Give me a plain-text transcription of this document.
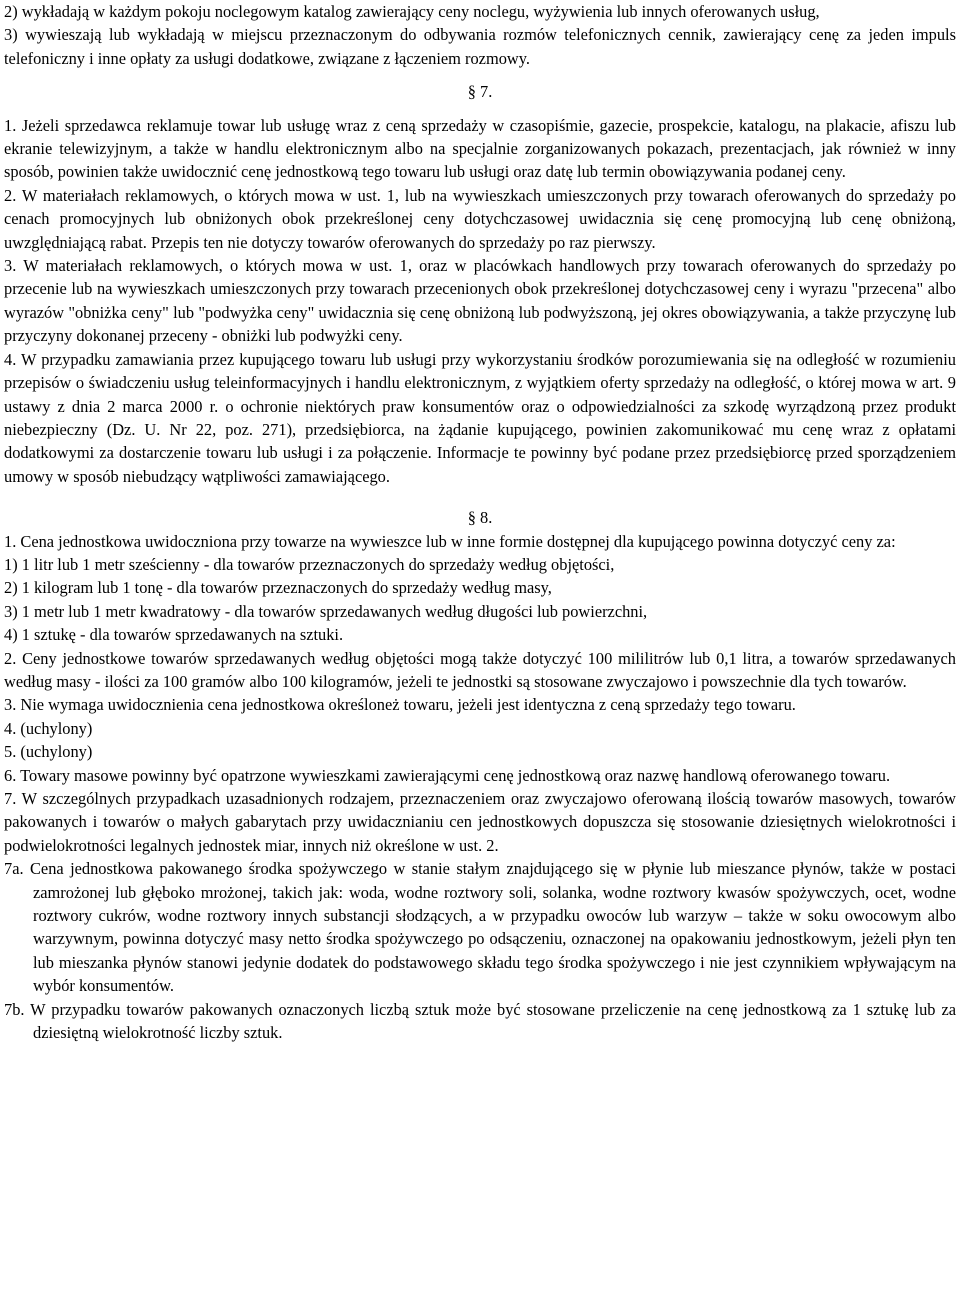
2) wykładają w każdym pokoju noclegowym katalog zawierający ceny noclegu, wyżywienia lub innych oferowanych usług,

3) wywieszają lub wykładają w miejscu przeznaczonym do odbywania rozmów telefonicznych cennik, zawierający cenę za jeden impuls telefoniczny i inne opłaty za usługi dodatkowe, związane z łączeniem rozmowy.

§ 7.

1. Jeżeli sprzedawca reklamuje towar lub usługę wraz z ceną sprzedaży w czasopiśmie, gazecie, prospekcie, katalogu, na plakacie, afiszu lub ekranie telewizyjnym, a także w handlu elektronicznym albo na specjalnie zorganizowanych pokazach, prezentacjach, jak również w inny sposób, powinien także uwidocznić cenę jednostkową tego towaru lub usługi oraz datę lub termin obowiązywania podanej ceny.

2. W materiałach reklamowych, o których mowa w ust. 1, lub na wywieszkach umieszczonych przy towarach oferowanych do sprzedaży po cenach promocyjnych lub obniżonych obok przekreślonej ceny dotychczasowej uwidacznia się cenę promocyjną lub cenę obniżoną, uwzględniającą rabat. Przepis ten nie dotyczy towarów oferowanych do sprzedaży po raz pierwszy.

3. W materiałach reklamowych, o których mowa w ust. 1, oraz w placówkach handlowych przy towarach oferowanych do sprzedaży po przecenie lub na wywieszkach umieszczonych przy towarach przecenionych obok przekreślonej dotychczasowej ceny i wyrazu "przecena" albo wyrazów "obniżka ceny" lub "podwyżka ceny" uwidacznia się cenę obniżoną lub podwyższoną, jej okres obowiązywania, a także przyczynę lub przyczyny dokonanej przeceny - obniżki lub podwyżki ceny.

4. W przypadku zamawiania przez kupującego towaru lub usługi przy wykorzystaniu środków porozumiewania się na odległość w rozumieniu przepisów o świadczeniu usług teleinformacyjnych i handlu elektronicznym, z wyjątkiem oferty sprzedaży na odległość, o której mowa w art. 9 ustawy z dnia 2 marca 2000 r. o ochronie niektórych praw konsumentów oraz o odpowiedzialności za szkodę wyrządzoną przez produkt niebezpieczny (Dz. U. Nr 22, poz. 271), przedsiębiorca, na żądanie kupującego, powinien zakomunikować mu cenę wraz z opłatami dodatkowymi za dostarczenie towaru lub usługi i za połączenie. Informacje te powinny być podane przez przedsiębiorcę przed sporządzeniem umowy w sposób niebudzący wątpliwości zamawiającego.

§ 8.

1. Cena jednostkowa uwidoczniona przy towarze na wywieszce lub w inne formie dostępnej dla kupującego powinna dotyczyć ceny za:

1) 1 litr lub 1 metr sześcienny - dla towarów przeznaczonych do sprzedaży według objętości,

2) 1 kilogram lub 1 tonę - dla towarów przeznaczonych do sprzedaży według masy,

3) 1 metr lub 1 metr kwadratowy - dla towarów sprzedawanych według długości lub powierzchni,

4) 1 sztukę - dla towarów sprzedawanych na sztuki.

2. Ceny jednostkowe towarów sprzedawanych według objętości mogą także dotyczyć 100 mililitrów lub 0,1 litra, a towarów sprzedawanych według masy - ilości za 100 gramów albo 100 kilogramów, jeżeli te jednostki są stosowane zwyczajowo i powszechnie dla tych towarów.

3. Nie wymaga uwidocznienia cena jednostkowa określoneż towaru, jeżeli jest identyczna z ceną sprzedaży tego towaru.

4. (uchylony)

5. (uchylony)

6. Towary masowe powinny być opatrzone wywieszkami zawierającymi cenę jednostkową oraz nazwę handlową oferowanego towaru.

7. W szczególnych przypadkach uzasadnionych rodzajem, przeznaczeniem oraz zwyczajowo oferowaną ilością towarów masowych, towarów pakowanych i towarów o małych gabarytach przy uwidacznianiu cen jednostkowych dopuszcza się stosowanie dziesiętnych wielokrotności i podwielokrotności legalnych jednostek miar, innych niż określone w ust. 2.

7a. Cena jednostkowa pakowanego środka spożywczego w stanie stałym znajdującego się w płynie lub mieszance płynów, także w postaci zamrożonej lub głęboko mrożonej, takich jak: woda, wodne roztwory soli, solanka, wodne roztwory kwasów spożywczych, ocet, wodne roztwory cukrów, wodne roztwory innych substancji słodzących, a w przypadku owoców lub warzyw – także w soku owocowym albo warzywnym, powinna dotyczyć masy netto środka spożywczego po odsączeniu, oznaczonej na opakowaniu jednostkowym, jeżeli płyn ten lub mieszanka płynów stanowi jedynie dodatek do podstawowego składu tego środka spożywczego i nie jest czynnikiem wpływającym na wybór konsumentów.

7b. W przypadku towarów pakowanych oznaczonych liczbą sztuk może być stosowane przeliczenie na cenę jednostkową za 1 sztukę lub za dziesiętną wielokrotność liczby sztuk.
